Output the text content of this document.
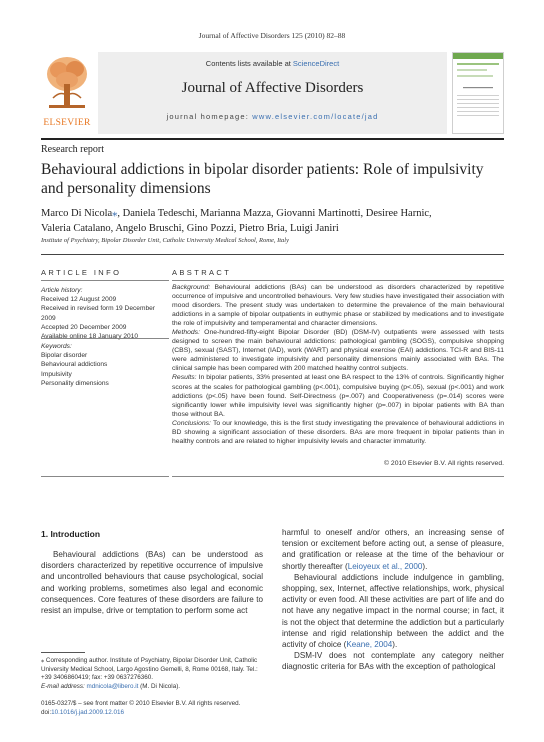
Journal of Affective Disorders 125 (2010) 82–88
ELSEVIER
Contents lists available at ScienceDirect
Journal of Affective Disorders
journal homepage: www.elsevier.com/locate/jad
Research report
Behavioural addictions in bipolar disorder patients: Role of impulsivity and personality dimensions
Marco Di Nicola⁎, Daniela Tedeschi, Marianna Mazza, Giovanni Martinotti, Desiree Harnic,
Valeria Catalano, Angelo Bruschi, Gino Pozzi, Pietro Bria, Luigi Janiri
Institute of Psychiatry, Bipolar Disorder Unit, Catholic University Medical School, Rome, Italy
ARTICLE INFO
Article history:
Received 12 August 2009
Received in revised form 19 December 2009
Accepted 20 December 2009
Available online 18 January 2010
Keywords:
Bipolar disorder
Behavioural addictions
Impulsivity
Personality dimensions
ABSTRACT

Background: Behavioural addictions (BAs) can be understood as disorders characterized by repetitive occurrence of impulsive and uncontrolled behaviours. Very few studies have investigated their association with mood disorders. The present study was undertaken to determine the prevalence of the main behavioural addictions in a sample of bipolar outpatients in euthymic phase or stabilized by medications and to investigate the role of impulsivity and temperamental and character dimensions.

Methods: One-hundred-fifty-eight Bipolar Disorder (BD) (DSM-IV) outpatients were assessed with tests designed to screen the main behavioural addictions: pathological gambling (SOGS), compulsive shopping (CBS), sexual (SAST), Internet (IAD), work (WART) and physical exercise (EAI) addictions. TCI-R and BIS-11 were administered to investigate impulsivity and personality dimensions mainly associated with BAs. The clinical sample has been compared with 200 matched healthy control subjects.

Results: In bipolar patients, 33% presented at least one BA respect to the 13% of controls. Significantly higher scores at the scales for pathological gambling (p<.001), compulsive buying (p<.05), sexual (p<.001) and work addictions (p<.05) have been found. Self-Directness (p=.007) and Cooperativeness (p=.014) scores were significantly lower while impulsivity level was significantly higher (p=.007) in bipolar patients with BA than those without BA.

Conclusions: To our knowledge, this is the first study investigating the prevalence of behavioural addictions in BD showing a significant association of these disorders. BAs are more frequent in bipolar patients than in healthy controls and are related to higher impulsivity levels and character immaturity.

© 2010 Elsevier B.V. All rights reserved.
1. Introduction

Behavioural addictions (BAs) can be understood as disorders characterized by repetitive occurrence of impulsive and uncontrolled behaviours that cause psychological, social and working problems, sometimes also legal and economic consequences. Core features of these disorders are failure to resist an impulse, drive or temptation to perform some act

harmful to oneself and/or others, an increasing sense of tension or excitement before acting out, a sense of pleasure, and gratification or release at the time of the behaviour or shortly thereafter (Leioyeux et al., 2000).

Behavioural addictions include indulgence in gambling, shopping, sex, Internet, affective relationships, work, physical activity or even food. All these activities are part of life and do not have any negative impact in the normal course; in fact, it is not the object that determine the addiction but a particularly intense and rigid relationship between the addict and the activity of choice (Keane, 2004).

DSM-IV does not contemplate any category neither diagnostic criteria for BAs with the exception of pathological

⁎ Corresponding author. Institute of Psychiatry, Bipolar Disorder Unit, Catholic University Medical School, Largo Agostino Gemelli, 8, Rome 00168, Italy. Tel.: +39 3406860419; fax: +39 0637276360.
E-mail address: mdnicola@libero.it (M. Di Nicola).
0165-0327/$ – see front matter © 2010 Elsevier B.V. All rights reserved.
doi:10.1016/j.jad.2009.12.016
